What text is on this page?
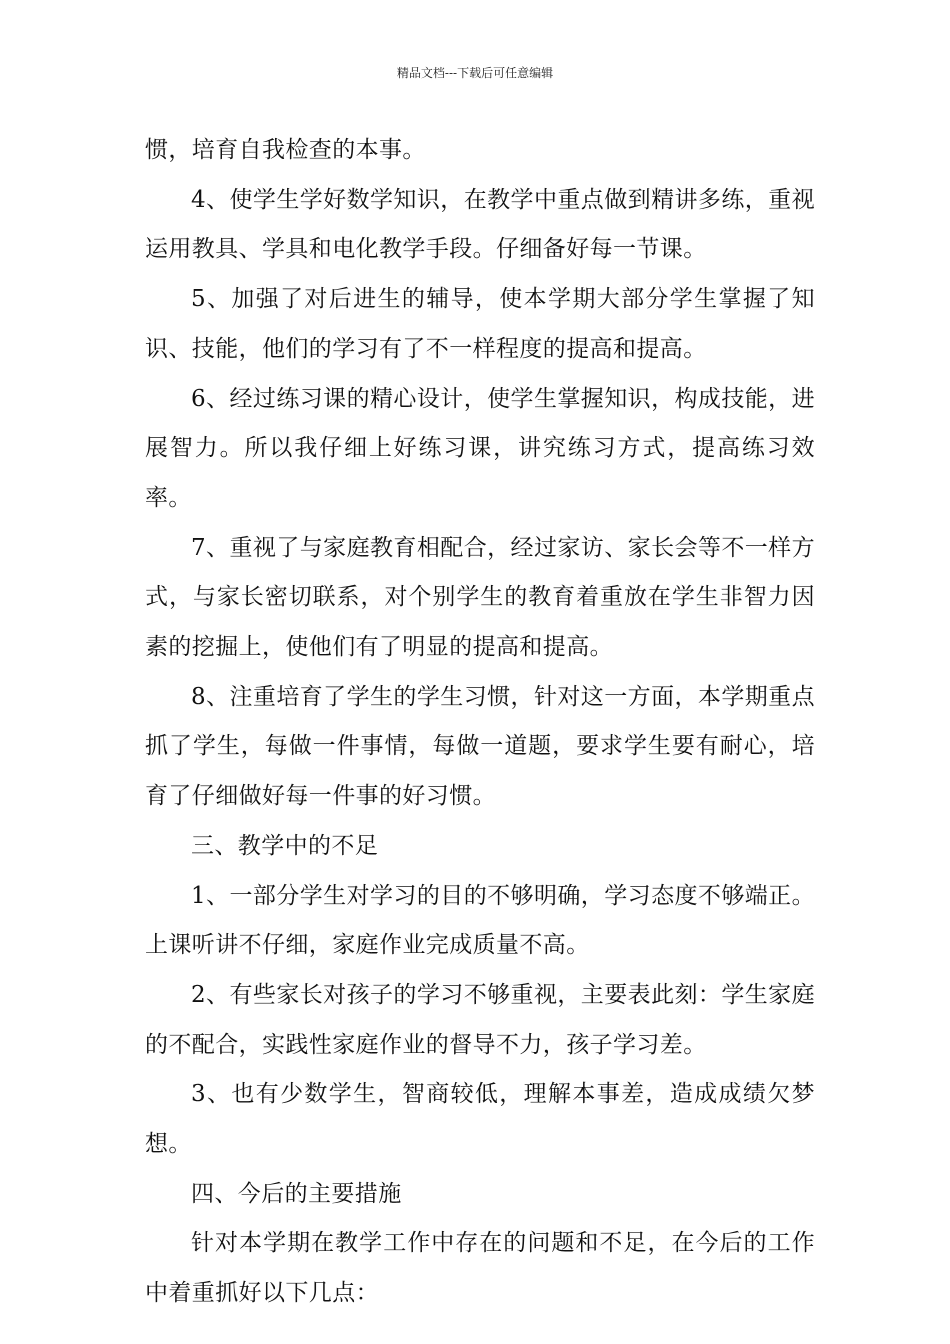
精品文档---下载后可任意编辑

惯，培育自我检查的本事。

4、使学生学好数学知识，在教学中重点做到精讲多练，重视运用教具、学具和电化教学手段。仔细备好每一节课。

5、加强了对后进生的辅导，使本学期大部分学生掌握了知识、技能，他们的学习有了不一样程度的提高和提高。

6、经过练习课的精心设计，使学生掌握知识，构成技能，进展智力。所以我仔细上好练习课，讲究练习方式，提高练习效率。

7、重视了与家庭教育相配合，经过家访、家长会等不一样方式，与家长密切联系，对个别学生的教育着重放在学生非智力因素的挖掘上，使他们有了明显的提高和提高。

8、注重培育了学生的学生习惯，针对这一方面，本学期重点抓了学生，每做一件事情，每做一道题，要求学生要有耐心，培育了仔细做好每一件事的好习惯。

三、教学中的不足

1、一部分学生对学习的目的不够明确，学习态度不够端正。上课听讲不仔细，家庭作业完成质量不高。

2、有些家长对孩子的学习不够重视，主要表此刻：学生家庭的不配合，实践性家庭作业的督导不力，孩子学习差。

3、也有少数学生，智商较低，理解本事差，造成成绩欠梦想。

四、今后的主要措施

针对本学期在教学工作中存在的问题和不足，在今后的工作中着重抓好以下几点：
